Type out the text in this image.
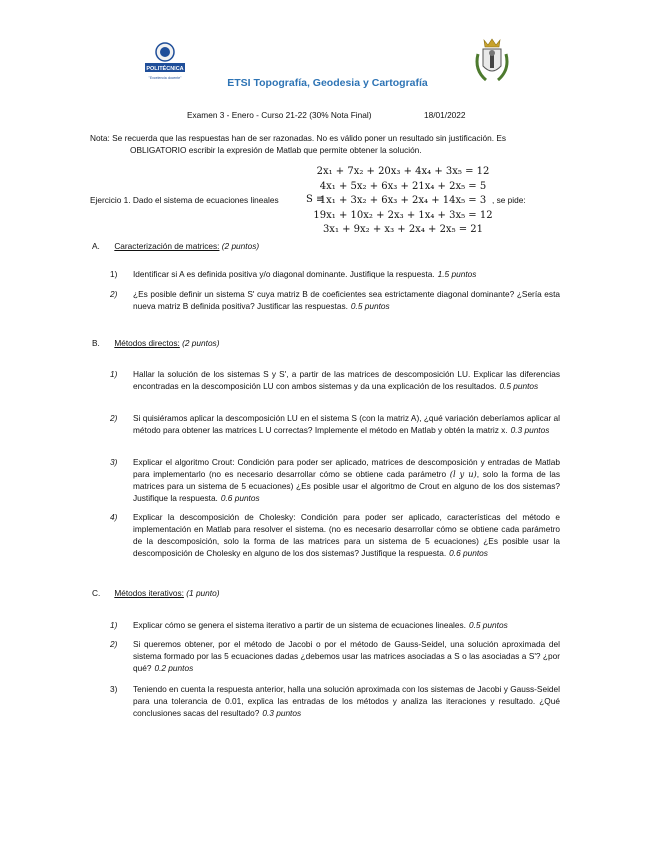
POLITÉCNICA
"Excelencia docente"	ETSI Topografía, Geodesia y Cartografía
Examen 3 - Enero - Curso 21-22 (30% Nota Final)	18/01/2022

Nota: Se recuerda que las respuestas han de ser razonadas. No es válido poner un resultado sin justificación. Es

OBLIGATORIO escribir la expresión de Matlab que permite obtener la solución.

Ejercicio 1. Dado el sistema de ecuaciones lineales	S ≡
2x₁ + 7x₂ + 20x₃ + 4x₄ + 3x₅ = 12
4x₁ + 5x₂ + 6x₃ + 21x₄ + 2x₅ = 5
1x₁ + 3x₂ + 6x₃ + 2x₄ + 14x₅ = 3
19x₁ + 10x₂ + 2x₃ + 1x₄ + 3x₅ = 12
3x₁ + 9x₂ + x₃ + 2x₄ + 2x₅ = 21
, se pide:
A. Caracterización de matrices: (2 puntos)
1)	Identificar si A es definida positiva y/o diagonal dominante. Justifique la respuesta. 1.5 puntos
2)	¿Es posible definir un sistema S' cuya matriz B de coeficientes sea estrictamente diagonal dominante? ¿Sería esta nueva matriz B definida positiva? Justificar las respuestas. 0.5 puntos
B. Métodos directos: (2 puntos)
1)	Hallar la solución de los sistemas S y S', a partir de las matrices de descomposición LU. Explicar las diferencias encontradas en la descomposición LU con ambos sistemas y da una explicación de los resultados. 0.5 puntos
2)	Si quisiéramos aplicar la descomposición LU en el sistema S (con la matriz A), ¿qué variación deberíamos aplicar al método para obtener las matrices L U correctas? Implemente el método en Matlab y obtén la matriz x. 0.3 puntos
3)	Explicar el algoritmo Crout: Condición para poder ser aplicado, matrices de descomposición y entradas de Matlab para implementarlo (no es necesario desarrollar cómo se obtiene cada parámetro (l y u), solo la forma de las matrices para un sistema de 5 ecuaciones) ¿Es posible usar el algoritmo de Crout en alguno de los dos sistemas? Justifique la respuesta. 0.6 puntos
4)	Explicar la descomposición de Cholesky: Condición para poder ser aplicado, características del método e implementación en Matlab para resolver el sistema. (no es necesario desarrollar cómo se obtiene cada parámetro de la descomposición, solo la forma de las matrices para un sistema de 5 ecuaciones) ¿Es posible usar la descomposición de Cholesky en alguno de los dos sistemas? Justifique la respuesta. 0.6 puntos
C. Métodos iterativos: (1 punto)
1)	Explicar cómo se genera el sistema iterativo a partir de un sistema de ecuaciones lineales. 0.5 puntos
2)	Si queremos obtener, por el método de Jacobi o por el método de Gauss-Seidel, una solución aproximada del sistema formado por las 5 ecuaciones dadas ¿debemos usar las matrices asociadas a S o las asociadas a S'? ¿por qué? 0.2 puntos
3)	Teniendo en cuenta la respuesta anterior, halla una solución aproximada con los sistemas de Jacobi y Gauss-Seidel para una tolerancia de 0.01, explica las entradas de los métodos y analiza las iteraciones y resultado. ¿Qué conclusiones sacas del resultado? 0.3 puntos
